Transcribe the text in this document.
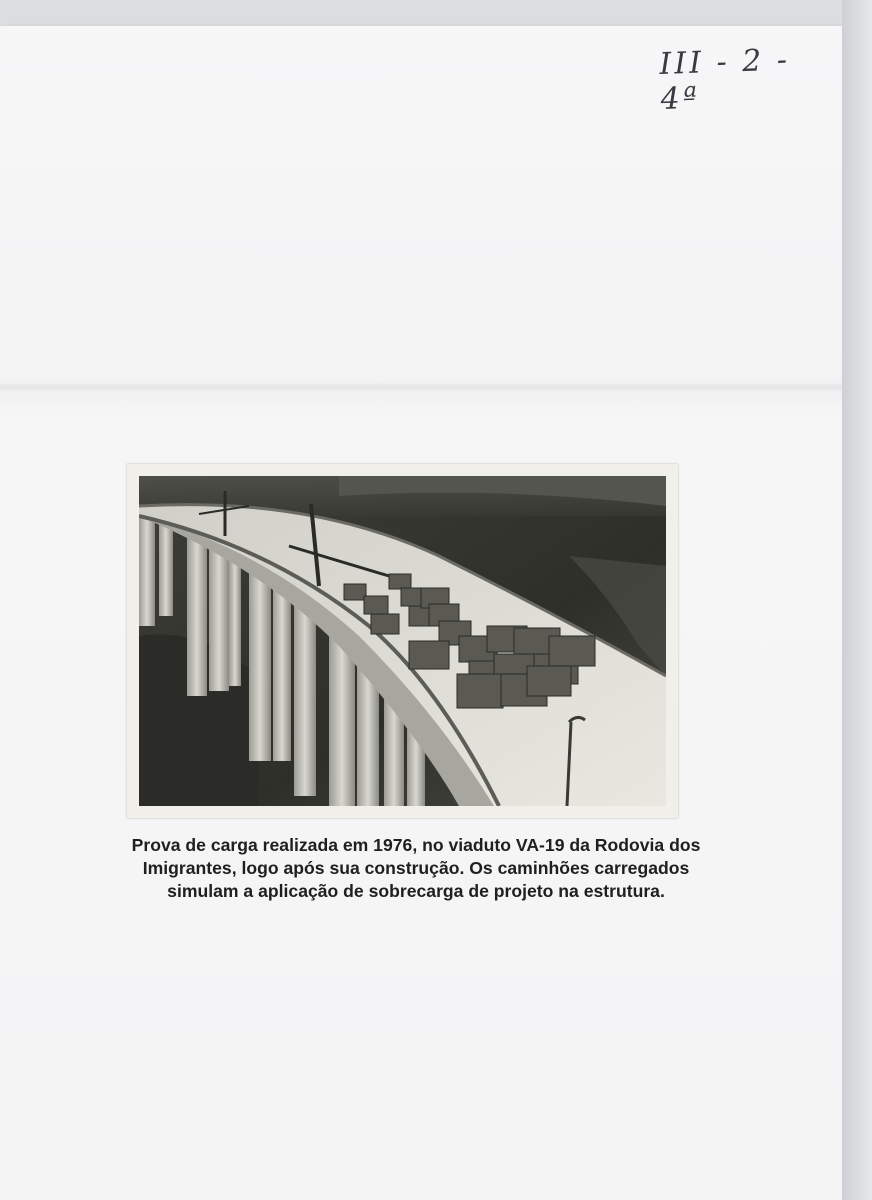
III - 2 - 4ª
Prova de carga realizada em 1976, no viaduto VA-19 da Rodovia dos
Imigrantes, logo após sua construção. Os caminhões carregados
simulam a aplicação de sobrecarga de projeto na estrutura.
